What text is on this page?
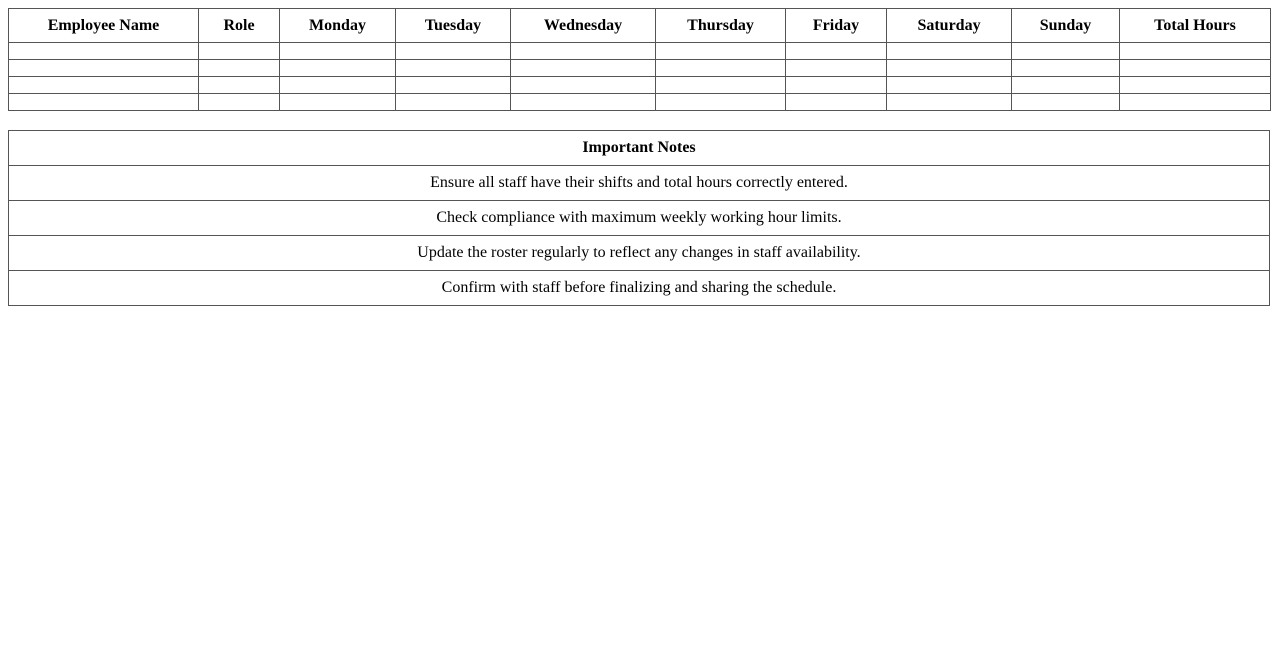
Employee Name	Role	Monday	Tuesday	Wednesday	Thursday	Friday	Saturday	Sunday	Total Hours

Important Notes
Ensure all staff have their shifts and total hours correctly entered.
Check compliance with maximum weekly working hour limits.
Update the roster regularly to reflect any changes in staff availability.
Confirm with staff before finalizing and sharing the schedule.
